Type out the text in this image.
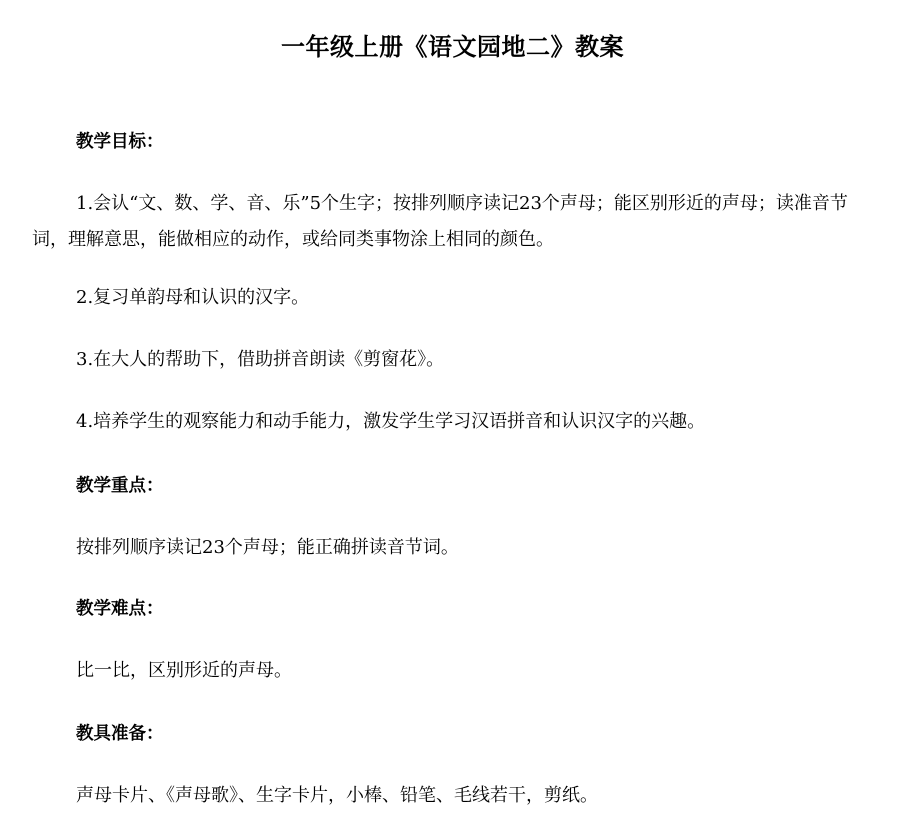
一年级上册《语文园地二》教案
教学目标：
1.会认“文、数、学、音、乐”5个生字；按排列顺序读记23个声母；能区别形近的声母；读准音节词，理解意思，能做相应的动作，或给同类事物涂上相同的颜色。
2.复习单韵母和认识的汉字。
3.在大人的帮助下，借助拼音朗读《剪窗花》。
4.培养学生的观察能力和动手能力，激发学生学习汉语拼音和认识汉字的兴趣。
教学重点：
按排列顺序读记23个声母；能正确拼读音节词。
教学难点：
比一比，区别形近的声母。
教具准备：
声母卡片、《声母歌》、生字卡片，小棒、铅笔、毛线若干，剪纸。
